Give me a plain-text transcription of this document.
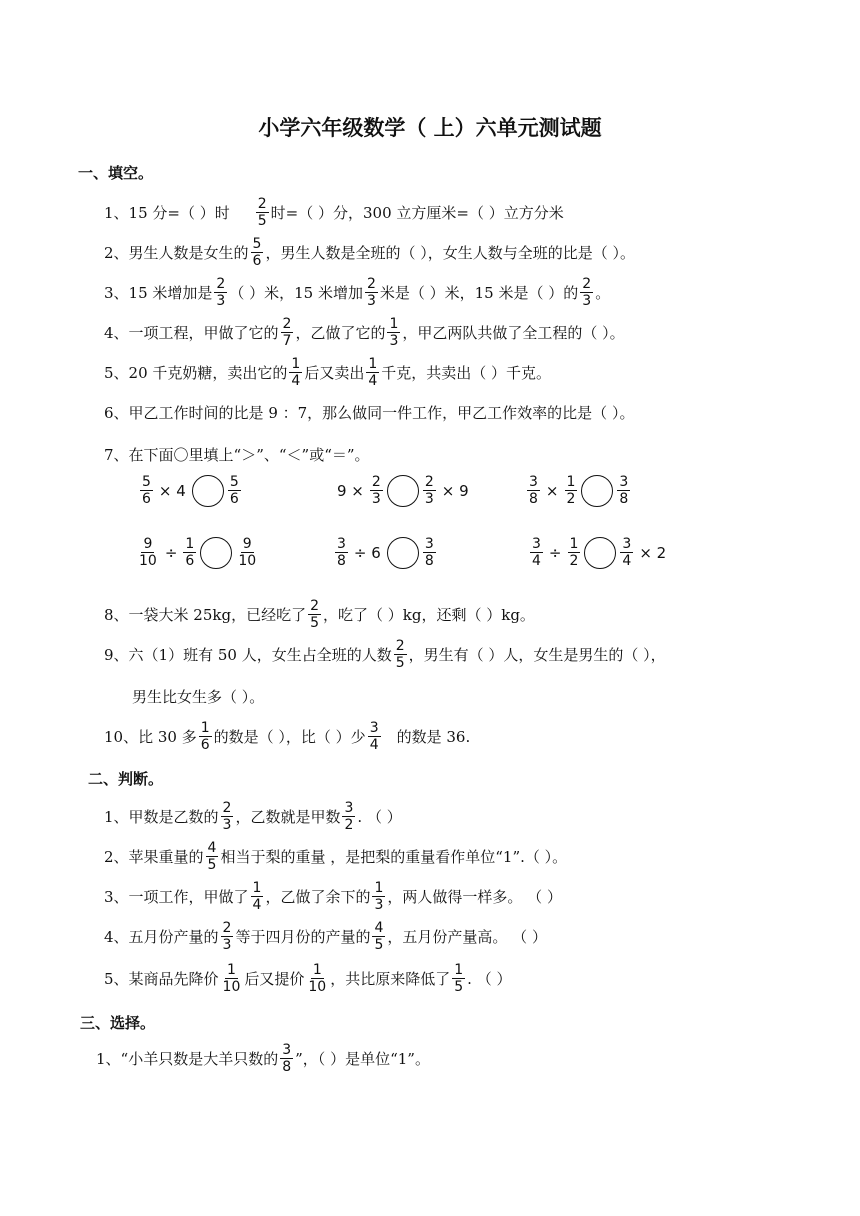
小学六年级数学（ 上）六单元测试题
一、填空。
1、15 分=（ ）时 $\frac{2}{5}$ 时=（ ）分，300 立方厘米=（ ）立方分米
2、男生人数是女生的 $\frac{5}{6}$ ，男生人数是全班的（ ），女生人数与全班的比是（ ）。
3、15 米增加是 $\frac{2}{3}$ （ ）米，15 米增加 $\frac{2}{3}$ 米是（ ）米，15 米是（ ）的 $\frac{2}{3}$ 。
4、一项工程，甲做了它的 $\frac{2}{7}$ ，乙做了它的 $\frac{1}{3}$ ，甲乙两队共做了全工程的（ ）。
5、20 千克奶糖，卖出它的 $\frac{1}{4}$ 后又卖出 $\frac{1}{4}$ 千克，共卖出（ ）千克。
6、甲乙工作时间的比是 9 ：7，那么做同一件工作，甲乙工作效率的比是（ ）。
7、在下面〇里填上“＞”、“＜”或“＝”。
$\frac{5}{6} \times 4$	$\frac{5}{6}$	$9 \times \frac{2}{3}$	$\frac{2}{3} \times 9$	$\frac{3}{8} \times \frac{1}{2}$	$\frac{3}{8}$
$\frac{9}{10} \div \frac{1}{6}$	$\frac{9}{10}$	$\frac{3}{8} \div 6$	$\frac{3}{8}$	$\frac{3}{4} \div \frac{1}{2}$	$\frac{3}{4} \times 2$
8、一袋大米 25kg，已经吃了 $\frac{2}{5}$ ，吃了（ ）kg，还剩（ ）kg。
9、六（1）班有 50 人，女生占全班的人数 $\frac{2}{5}$ ，男生有（ ）人，女生是男生的（ ），
男生比女生多（ ）。
10、比 30 多 $\frac{1}{6}$ 的数是（ ），比（ ）少 $\frac{3}{4}$ 的数是 36.
二、判断。
1、甲数是乙数的 $\frac{2}{3}$ ，乙数就是甲数 $\frac{3}{2}$ . （ ）
2、苹果重量的 $\frac{4}{5}$ 相当于梨的重量 ，是把梨的重量看作单位“1”.（ ）。
3、一项工作，甲做了 $\frac{1}{4}$ ，乙做了余下的 $\frac{1}{3}$ ，两人做得一样多。 （ ）
4、五月份产量的 $\frac{2}{3}$ 等于四月份的产量的 $\frac{4}{5}$ ，五月份产量高。 （ ）
5、某商品先降价 $\frac{1}{10}$ 后又提价 $\frac{1}{10}$ ，共比原来降低了 $\frac{1}{5}$ . （ ）
三、选择。
1、“小羊只数是大羊只数的 $\frac{3}{8}$ ”，（ ）是单位“1”。
